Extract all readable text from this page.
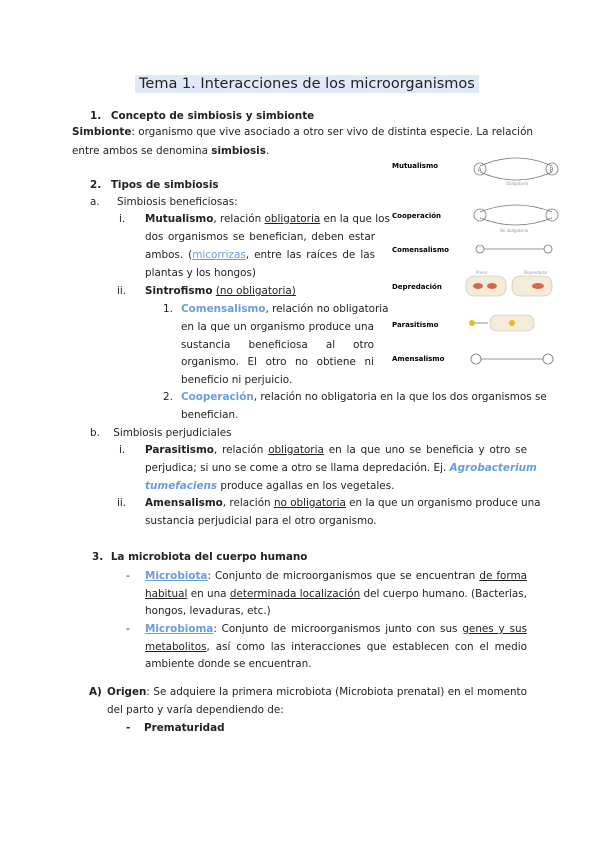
Tema 1. Interacciones de los microorganismos
1. Concepto de simbiosis y simbionte
Simbionte: organismo que vive asociado a otro ser vivo de distinta especie. La relación
entre ambos se denomina simbiosis.
2. Tipos de simbiosis
a. Simbiosis beneficiosas:
i. Mutualismo, relación obligatoria en la que los
dos organismos se benefician, deben estar
ambos. (micorrizas, entre las raíces de las
plantas y los hongos)
ii. Sintrofismo (no obligatoria)
1. Comensalismo, relación no obligatoria
en la que un organismo produce una
sustancia beneficiosa al otro
organismo. El otro no obtiene ni
beneficio ni perjuicio.
2. Cooperación, relación no obligatoria en la que los dos organismos se
benefician.
b. Simbiosis perjudiciales
i. Parasitismo, relación obligatoria en la que uno se beneficia y otro se
perjudica; si uno se come a otro se llama depredación. Ej. Agrobacterium
tumefaciens produce agallas en los vegetales.
ii. Amensalismo, relación no obligatoria en la que un organismo produce una
sustancia perjudicial para el otro organismo.
Mutualismo	A	B
Obligatorio
Cooperación
No obligatorio
Comensalismo
Depredación
Presa	Depredador
Parasitismo
Amensalismo
3. La microbiota del cuerpo humano
- Microbiota: Conjunto de microorganismos que se encuentran de forma
habitual en una determinada localización del cuerpo humano. (Bacterias,
hongos, levaduras, etc.)
- Microbioma: Conjunto de microorganismos junto con sus genes y sus
metabolitos, así como las interacciones que establecen con el medio
ambiente donde se encuentran.
A) Origen: Se adquiere la primera microbiota (Microbiota prenatal) en el momento
del parto y varía dependiendo de:
- Prematuridad
